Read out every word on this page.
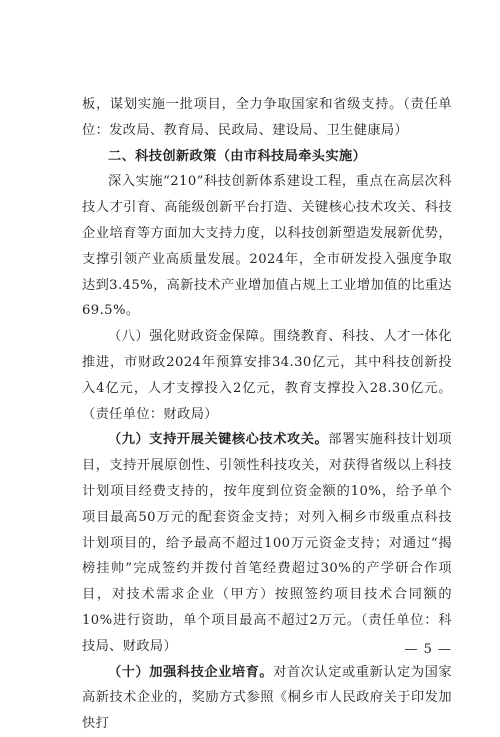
板，谋划实施一批项目，全力争取国家和省级支持。（责任单位：发改局、教育局、民政局、建设局、卫生健康局）

二、科技创新政策（由市科技局牵头实施）

深入实施“210”科技创新体系建设工程，重点在高层次科技人才引育、高能级创新平台打造、关键核心技术攻关、科技企业培育等方面加大支持力度，以科技创新塑造发展新优势，支撑引领产业高质量发展。2024年，全市研发投入强度争取达到3.45%，高新技术产业增加值占规上工业增加值的比重达69.5%。

（八）强化财政资金保障。围绕教育、科技、人才一体化推进，市财政2024年预算安排34.30亿元，其中科技创新投入4亿元，人才支撑投入2亿元，教育支撑投入28.30亿元。（责任单位：财政局）

（九）支持开展关键核心技术攻关。部署实施科技计划项目，支持开展原创性、引领性科技攻关，对获得省级以上科技计划项目经费支持的，按年度到位资金额的10%，给予单个项目最高50万元的配套资金支持；对列入桐乡市级重点科技计划项目的，给予最高不超过100万元资金支持；对通过“揭榜挂帅”完成签约并拨付首笔经费超过30%的产学研合作项目，对技术需求企业（甲方）按照签约项目技术合同额的10%进行资助，单个项目最高不超过2万元。（责任单位：科技局、财政局）

（十）加强科技企业培育。对首次认定或重新认定为国家高新技术企业的，奖励方式参照《桐乡市人民政府关于印发加快打

— 5 —
